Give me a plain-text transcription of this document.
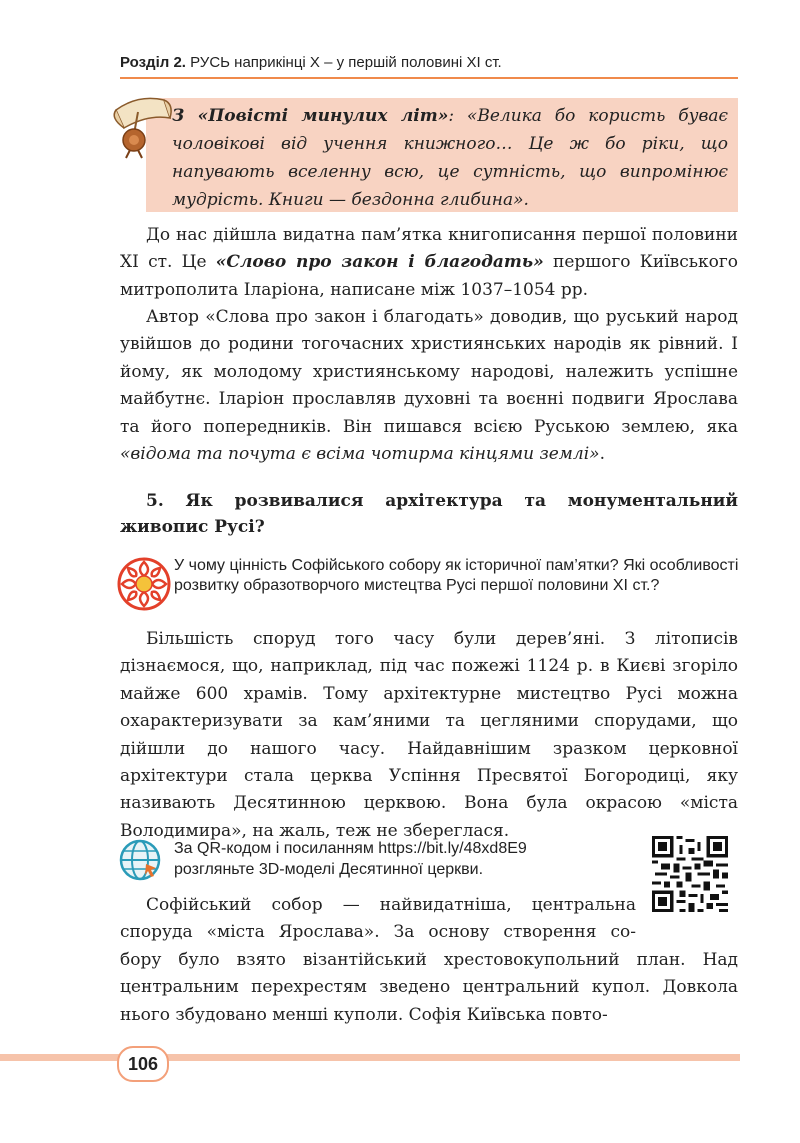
Розділ 2. РУСЬ наприкінці Х – у першій половині ХІ ст.
З «Повісті минулих літ»: «Велика бо користь буває чоловікові від учення книжного… Це ж бо ріки, що напувають вселенну всю, це сутність, що випромінює мудрість. Книги — бездонна глибина».

До нас дійшла видатна пам’ятка книгописання першої половини ХІ ст. Це «Слово про закон і благодать» першого Київського митрополита Іларіона, написане між 1037–1054 рр.

Автор «Слова про закон і благодать» доводив, що руський народ увійшов до родини тогочасних християнських народів як рівний. І йому, як молодому християнському народові, належить успішне майбутнє. Іларіон прославляв духовні та воєнні подвиги Ярослава та його попередників. Він пишався всією Руською землею, яка «відома та почута є всіма чотирма кінцями землі».

5. Як розвивалися архітектура та монументальний живопис Русі?
У чому цінність Софійського собору як історичної пам’ятки? Які особливості розвитку образотворчого мистецтва Русі першої половини ХІ ст.?

Більшість споруд того часу були дерев’яні. З літописів дізнаємося, що, наприклад, під час пожежі 1124 р. в Києві згоріло майже 600 храмів. Тому архітектурне мистецтво Русі можна охарактеризувати за кам’яними та цегляними спорудами, що дійшли до нашого часу. Найдавнішим зразком церковної архітектури стала церква Успіння Пресвятої Богородиці, яку називають Десятинною церквою. Вона була окрасою «міста Володимира», на жаль, теж не збереглася.

За QR-кодом і посиланням https://bit.ly/48xd8E9
розгляньте 3D-моделі Десятинної церкви.
Софійський собор — найвидатніша, центральна
споруда «міста Ярослава». За основу створення со-

бору було взято візантійський хрестовокупольний план. Над центральним перехрестям зведено центральний купол. Довкола нього збудовано менші куполи. Софія Київська повто-

106
